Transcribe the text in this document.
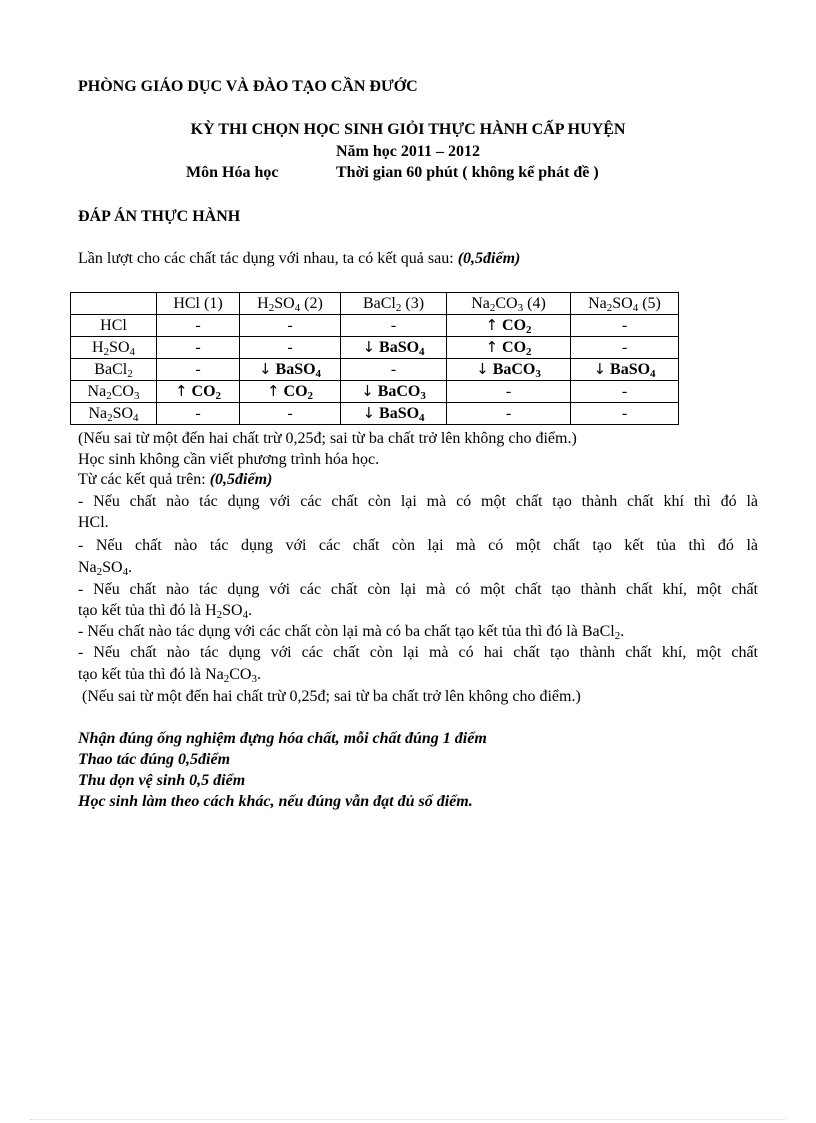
PHÒNG GIÁO DỤC VÀ ĐÀO TẠO CẦN ĐƯỚC
KỲ THI CHỌN HỌC SINH GIỎI THỰC HÀNH CẤP HUYỆN
Năm học 2011 – 2012
Môn Hóa học	Thời gian 60 phút ( không kể phát đề )
ĐÁP ÁN THỰC HÀNH
Lần lượt cho các chất tác dụng với nhau, ta có kết quả sau: (0,5điểm)
	HCl (1)	$H_2SO_4$ (2)	BaCl$_2$ (3)	$Na_2CO_3$ (4)	$Na_2SO_4$ (5)
HCl	-	-	-	↑ $CO_2$	-
$H_2SO_4$	-	-	↓ BaSO$_4$	↑ $CO_2$	-
BaCl$_2$	-	↓ BaSO$_4$	-	↓ BaCO$_3$	↓ BaSO$_4$
$Na_2CO_3$	↑ $CO_2$	↑ $CO_2$	↓ BaCO$_3$	-	-
$Na_2SO_4$	-	-	↓ BaSO$_4$	-	-
(Nếu sai từ một đến hai chất trừ 0,25đ; sai từ ba chất trở lên không cho điểm.)
Học sinh không cần viết phương trình hóa học.
Từ các kết quả trên: (0,5điểm)
- Nếu chất nào tác dụng với các chất còn lại mà có một chất tạo thành chất khí thì đó là
HCl.
- Nếu chất nào tác dụng với các chất còn lại mà có một chất tạo kết tủa thì đó là
$Na_2SO_4$.
- Nếu chất nào tác dụng với các chất còn lại mà có một chất tạo thành chất khí, một chất
tạo kết tủa thì đó là $H_2SO_4$.
- Nếu chất nào tác dụng với các chất còn lại mà có ba chất tạo kết tủa thì đó là BaCl$_2$.
- Nếu chất nào tác dụng với các chất còn lại mà có hai chất tạo thành chất khí, một chất
tạo kết tủa thì đó là $Na_2CO_3$.
(Nếu sai từ một đến hai chất trừ 0,25đ; sai từ ba chất trở lên không cho điểm.)
Nhận đúng ống nghiệm đựng hóa chất, mỗi chất đúng 1 điểm
Thao tác đúng 0,5điểm
Thu dọn vệ sinh 0,5 điểm
Học sinh làm theo cách khác, nếu đúng vẫn đạt đủ số điểm.
